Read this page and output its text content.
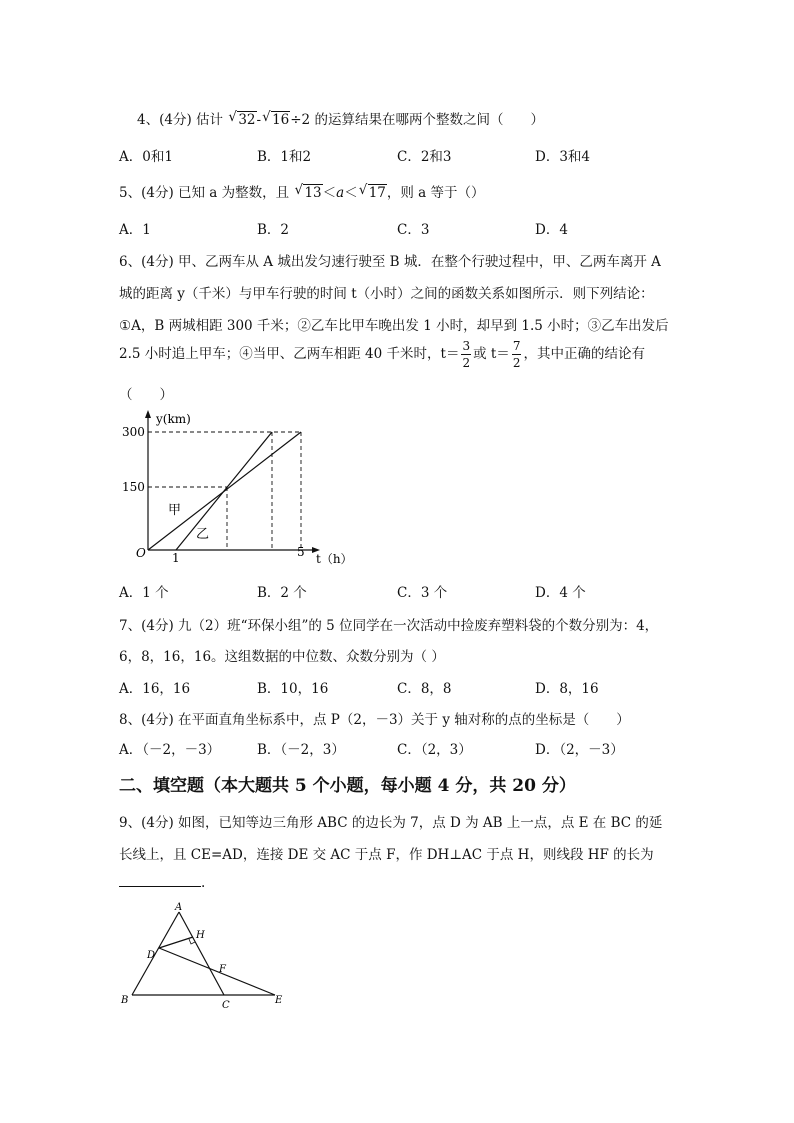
4、(4分) 估计 √ 32- √ 16÷2 的运算结果在哪两个整数之间（　　）
A．0和1	B．1和2	C．2和3	D．3和4
5、(4分) 已知 a 为整数，且 √ 13＜a＜ √ 17，则 a 等于（）
A．1	B．2	C．3	D．4
6、(4分) 甲、乙两车从 A 城出发匀速行驶至 B 城．在整个行驶过程中，甲、乙两车离开 A
城的距离 y（千米）与甲车行驶的时间 t（小时）之间的函数关系如图所示．则下列结论：
①A，B 两城相距 300 千米；②乙车比甲车晚出发 1 小时，却早到 1.5 小时；③乙车出发后
2.5 小时追上甲车；④当甲、乙两车相距 40 千米时，$t= \frac{3}{2}$ 或 $t= \frac{7}{2}$ ，其中正确的结论有
（　　）
y(km)
t（h）
O
300
150
1	5
甲
乙
A．1 个	B．2 个	C．3 个	D．4 个
7、(4分) 九（2）班“环保小组”的 5 位同学在一次活动中捡废弃塑料袋的个数分别为：4，
6，8，16，16。这组数据的中位数、众数分别为（ ）
A．16，16	B．10，16	C．8，8	D．8，16
8、(4分) 在平面直角坐标系中，点 P（2，－3）关于 y 轴对称的点的坐标是（　　）
A．（－2，－3）	B．（－2，3）	C．（2，3）	D．（2，－3）
二、填空题（本大题共 5 个小题，每小题 4 分，共 20 分）
9、(4分) 如图，已知等边三角形 ABC 的边长为 7，点 D 为 AB 上一点，点 E 在 BC 的延
长线上，且 CE=AD，连接 DE 交 AC 于点 F，作 DH⊥AC 于点 H，则线段 HF 的长为
.
A
H
D
F
B	C	E
